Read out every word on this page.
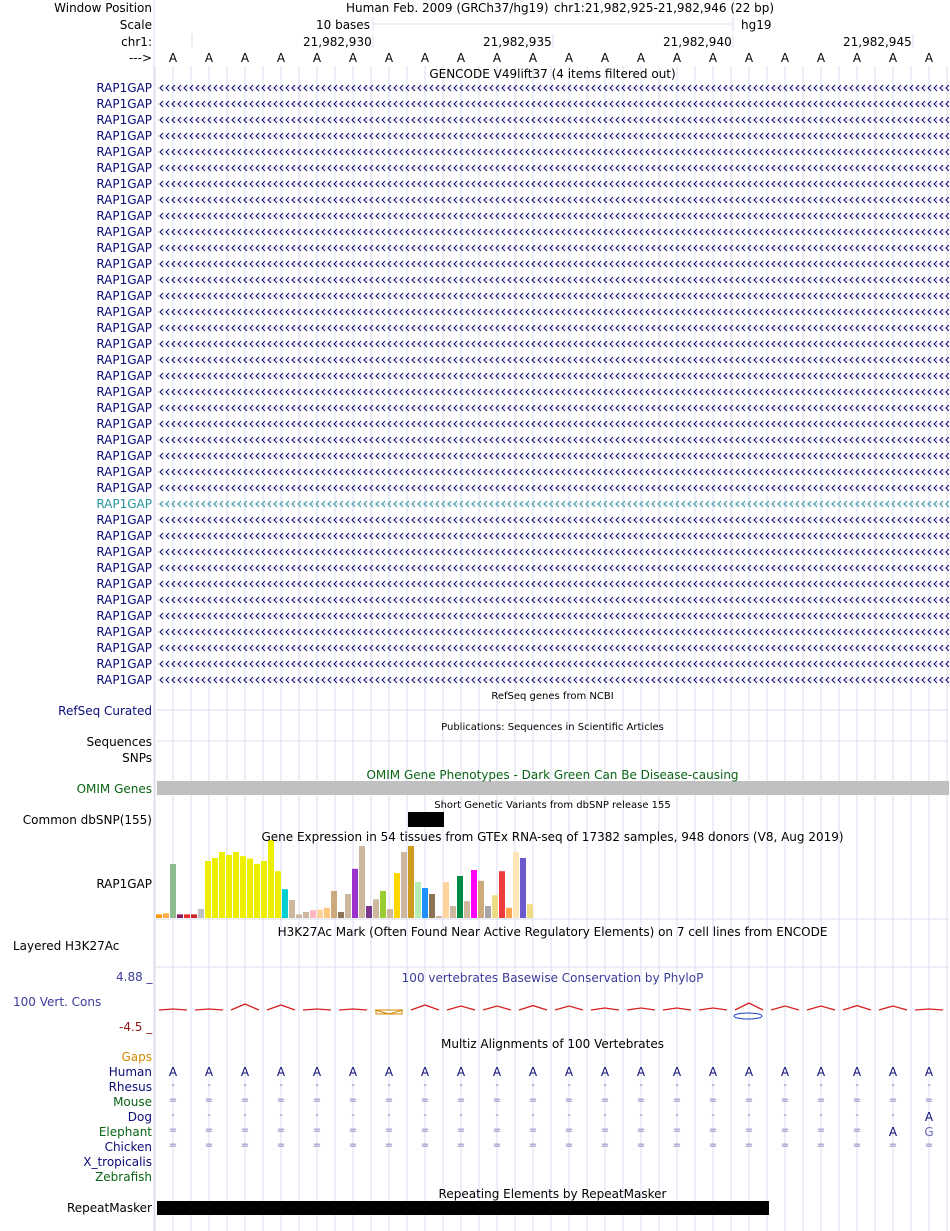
Window Position
Scale
chr1:
--->
Human Feb. 2009 (GRCh37/hg19) chr1:21,982,925-21,982,946 (22 bp)
10 bases	hg19
GENCODE V49lift37 (4 items filtered out)
RefSeq genes from NCBI
RefSeq Curated
Publications: Sequences in Scientific Articles
Sequences
SNPs
OMIM Gene Phenotypes - Dark Green Can Be Disease-causing
OMIM Genes
Short Genetic Variants from dbSNP release 155
Common dbSNP(155)
Gene Expression in 54 tissues from GTEx RNA-seq of 17382 samples, 948 donors (V8, Aug 2019)
RAP1GAP
H3K27Ac Mark (Often Found Near Active Regulatory Elements) on 7 cell lines from ENCODE
Layered H3K27Ac
100 vertebrates Basewise Conservation by PhyloP
4.88 _
100 Vert. Cons
-4.5 _
Multiz Alignments of 100 Vertebrates
Gaps
Repeating Elements by RepeatMasker
RepeatMasker
21,982,930	21,982,935	21,982,940	21,982,945
A A A A A A A A A A A A A A A A A A A A A A
RAP1GAP
RAP1GAP
RAP1GAP
RAP1GAP
RAP1GAP
RAP1GAP
RAP1GAP
RAP1GAP
RAP1GAP
RAP1GAP
RAP1GAP
RAP1GAP
RAP1GAP
RAP1GAP
RAP1GAP
RAP1GAP
RAP1GAP
RAP1GAP
RAP1GAP
RAP1GAP
RAP1GAP
RAP1GAP
RAP1GAP
RAP1GAP
RAP1GAP
RAP1GAP
RAP1GAP
RAP1GAP
RAP1GAP
RAP1GAP
RAP1GAP
RAP1GAP
RAP1GAP
RAP1GAP
RAP1GAP
RAP1GAP
RAP1GAP
RAP1GAP
Human A A A A A A A A A A A A A A A A A A A A A A
Rhesus	-	-	-	-	-	-	-	-	-	-	-	-	-	-	-	-	-	-	-	-	-	-
Mouse =	=	=	=	=	=	=	=	=	=	=	=	=	=	=	=	=	=	=	=	=	=
Dog	-	-	-	-	-	-	-	-	-	-	-	-	-	-	-	-	-	-	-	-	-	A
Elephant =	=	=	=	=	=	=	=	=	=	=	=	=	=	=	=	=	=	=	= A G
Chicken =	=	=	=	=	=	=	=	=	=	=	=	=	=	=	=	=	=	=	=	=	=
X_tropicalis
Zebrafish
